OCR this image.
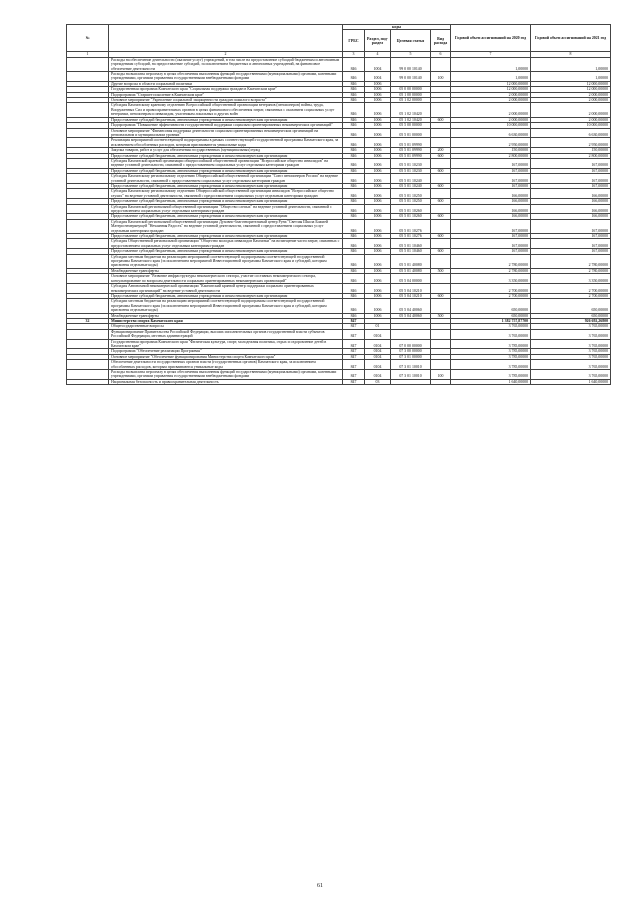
№		коды				Годовой объем ассигнований на 2020 год	Годовой объем ассигнований на 2021 год
		ГРБС	Раздел, под-раздел	Целевая статья	Вид расхода		
1	2	3	4	5	6	7	8
	Расходы на обеспечение деятельности (оказание услуг) учреждений, в том числе на предоставление субсидий бюджетным и автономным учреждениям субсидий, на предоставление субсидий, за исключением бюджетных и автономных учреждений, на финансовое обеспечение деятельности	846	1004	99 0 00 10140		1,00000	1,00000
	Расходы на выплаты персоналу в целях обеспечения выполнения функций государственными (муниципальными) органами, казенными учреждениями, органами управления государственными внебюджетными фондами	846	1004	99 0 00 10140	100	1,00000	1,00000
	Другие вопросы в области социальной политики	846	1006			12 000,00000	12 000,00000
	Государственная программа Камчатского края "Социальная поддержка граждан в Камчатском крае"	846	1006	05 0 00 00000		12 000,00000	12 000,00000
	Подпрограмма "Старшее поколение в Камчатском крае"	846	1006	05 1 00 00000		2 000,00000	2 000,00000
	Основное мероприятие "Укрепление социальной защищенности граждан пожилого возраста"	846	1006	05 1 02 00000		2 000,00000	2 000,00000
	Субсидия Камчатскому краевому отделению Всероссийской общественной организации ветеранов (пенсионеров) войны, труда, Вооруженных Сил и правоохранительных органов в целях финансового обеспечения затрат, связанных с оказанием социальных услуг ветеранам, пенсионерам и инвалидам, участникам локальных и других войн	846	1006	05 1 02 10420		2 000,00000	2 000,00000
	Предоставление субсидий бюджетным, автономным учреждениям и иным некоммерческим организациям	846	1006	05 1 02 10420	600	2 000,00000	2 000,00000
	Подпрограмма "Повышение эффективности государственной поддержки социально ориентированных некоммерческих организаций"	846	1006	05 5 00 00000		10 000,00000	10 000,00000
	Основное мероприятие "Финансовая поддержка деятельности социально ориентированных некоммерческих организаций на региональном и муниципальном уровнях"	846	1006	05 5 01 00000		6 630,00000	6 630,00000
	Реализация мероприятий соответствующей подпрограммы в рамках соответствующей государственной программы Камчатского края, за исключением обособленных расходов, которым присваиваются уникальные коды	846	1006	05 5 01 09990		2 950,00000	2 950,00000
	Закупка товаров, работ и услуг для обеспечения государственных (муниципальных) нужд	846	1006	05 5 01 09990	200	150,00000	150,00000
	Предоставление субсидий бюджетным, автономным учреждениям и иным некоммерческим организациям	846	1006	05 5 01 09990	600	2 800,00000	2 800,00000
	Субсидия Камчатской краевой организации общероссийской общественной организации "Всероссийское общество инвалидов" на ведение уставной деятельности, связанной с предоставлением социальных услуг отдельным категориям граждан	846	1006	05 5 01 10230		167,00000	167,00000
	Предоставление субсидий бюджетным, автономным учреждениям и иным некоммерческим организациям	846	1006	05 5 01 10230	600	167,00000	167,00000
	Субсидия Камчатскому региональному отделению Общероссийской общественной организации "Союз пенсионеров России" на ведение уставной деятельности, связанной с предоставлением социальных услуг отдельным категориям граждан	846	1006	05 5 01 10240		167,00000	167,00000
	Предоставление субсидий бюджетным, автономным учреждениям и иным некоммерческим организациям	846	1006	05 5 01 10240	600	167,00000	167,00000
	Субсидия Камчатскому региональному отделению Общероссийской общественной организации инвалидов "Всероссийское общество глухих" на ведение уставной деятельности, связанной с предоставлением социальных услуг отдельным категориям граждан	846	1006	05 5 01 10250		166,00000	166,00000
	Предоставление субсидий бюджетным, автономным учреждениям и иным некоммерческим организациям	846	1006	05 5 01 10250	600	166,00000	166,00000
	Субсидия Камчатской региональной общественной организации "Общество слепых" на ведение уставной деятельности, связанной с предоставлением социальных услуг отдельным категориям граждан	846	1006	05 5 01 10260		166,00000	166,00000
	Предоставление субсидий бюджетным, автономным учреждениям и иным некоммерческим организациям	846	1006	05 5 01 10260	600	166,00000	166,00000
	Субсидия Камчатской региональной общественной организации Духовно-благотворительный центр Руна "Светлая Школа Божией Матери немеркнущей "Нечаянная Радость" на ведение уставной деятельности, связанной с предоставлением социальных услуг отдельным категориям граждан	846	1006	05 5 01 10276		167,00000	167,00000
	Предоставление субсидий бюджетным, автономным учреждениям и иным некоммерческим организациям	846	1006	05 5 01 10276	600	167,00000	167,00000
	Субсидия Общественной региональной организации "Общество молодых инвалидов Камчатки" на возмещение части затрат, связанных с предоставлением социальных услуг отдельным категориям граждан	846	1006	05 5 01 10460		167,00000	167,00000
	Предоставление субсидий бюджетным, автономным учреждениям и иным некоммерческим организациям	846	1006	05 5 01 10460	600	167,00000	167,00000
	Субсидии местным бюджетам на реализацию мероприятий соответствующей подпрограммы соответствующей государственной программы Камчатского края (за исключением мероприятий Инвестиционной программы Камчатского края и субсидий, которым присвоены отдельные коды)	846	1006	05 5 01 40080		2 780,00000	2 780,00000
	Межбюджетные трансферты	846	1006	05 5 01 40080	500	2 780,00000	2 780,00000
	Основное мероприятие "Развитие инфраструктуры некоммерческого сектора, участие составных некоммерческого сектора, консультирование по вопросам деятельности социально ориентированных некоммерческих организаций"	846	1006	05 5 04 00000		3 350,00000	3 350,00000
	Субсидия Автономной некоммерческой организации "Камчатский краевой центр поддержки социально ориентированных некоммерческих организаций" на ведение уставной деятельности	846	1006	05 5 04 10210		2 700,00000	2 700,00000
	Предоставление субсидий бюджетным, автономным учреждениям и иным некоммерческим организациям	846	1006	05 5 04 10210	600	2 700,00000	2 700,00000
	Субсидии местным бюджетам на реализацию мероприятий соответствующей подпрограммы соответствующей государственной программы Камчатского края (за исключением мероприятий Инвестиционной программы Камчатского края и субсидий, которым присвоены отдельные коды)	846	1006	05 5 04 40060		650,00000	650,00000
	Межбюджетные трансферты	846	1006	05 5 04 40060	500	650,00000	650,00000
32	Министерство спорта Камчатского края	847				1 382 757,87700	926 692,26800
	Общегосударственные вопросы	847	01			3 765,00000	3 765,00000
	Функционирование Правительства Российской Федерации, высших исполнительных органов государственной власти субъектов Российской Федерации, местных администраций	847	0104			3 765,00000	3 765,00000
	Государственная программа Камчатского края "Физическая культура, спорт, молодежная политика, отдых и оздоровление детей в Камчатском крае"	847	0104	07 0 00 00000		3 785,00000	3 765,00000
	Подпрограмма "Обеспечение реализации Программы"	847	0104	07 3 00 00000		3 785,00000	3 765,00000
	Основное мероприятие "Обеспечение функционирования Министерства спорта Камчатского края"	847	0104	07 3 01 00000		3 785,00000	3 765,00000
	Обеспечение деятельности государственных органов власти (государственных органов) Камчатского края, за исключением обособленных расходов, которым присваиваются уникальные коды	847	0104	07 3 01 10010		3 785,00000	3 765,00000
	Расходы на выплаты персоналу в целях обеспечения выполнения функций государственными (муниципальными) органами, казенными учреждениями, органами управления государственными внебюджетными фондами	847	0104	07 3 01 10010	100	3 785,00000	3 765,00000
	Национальная безопасность и правоохранительная деятельность	847	03			1 640,00000	1 640,00000
61
